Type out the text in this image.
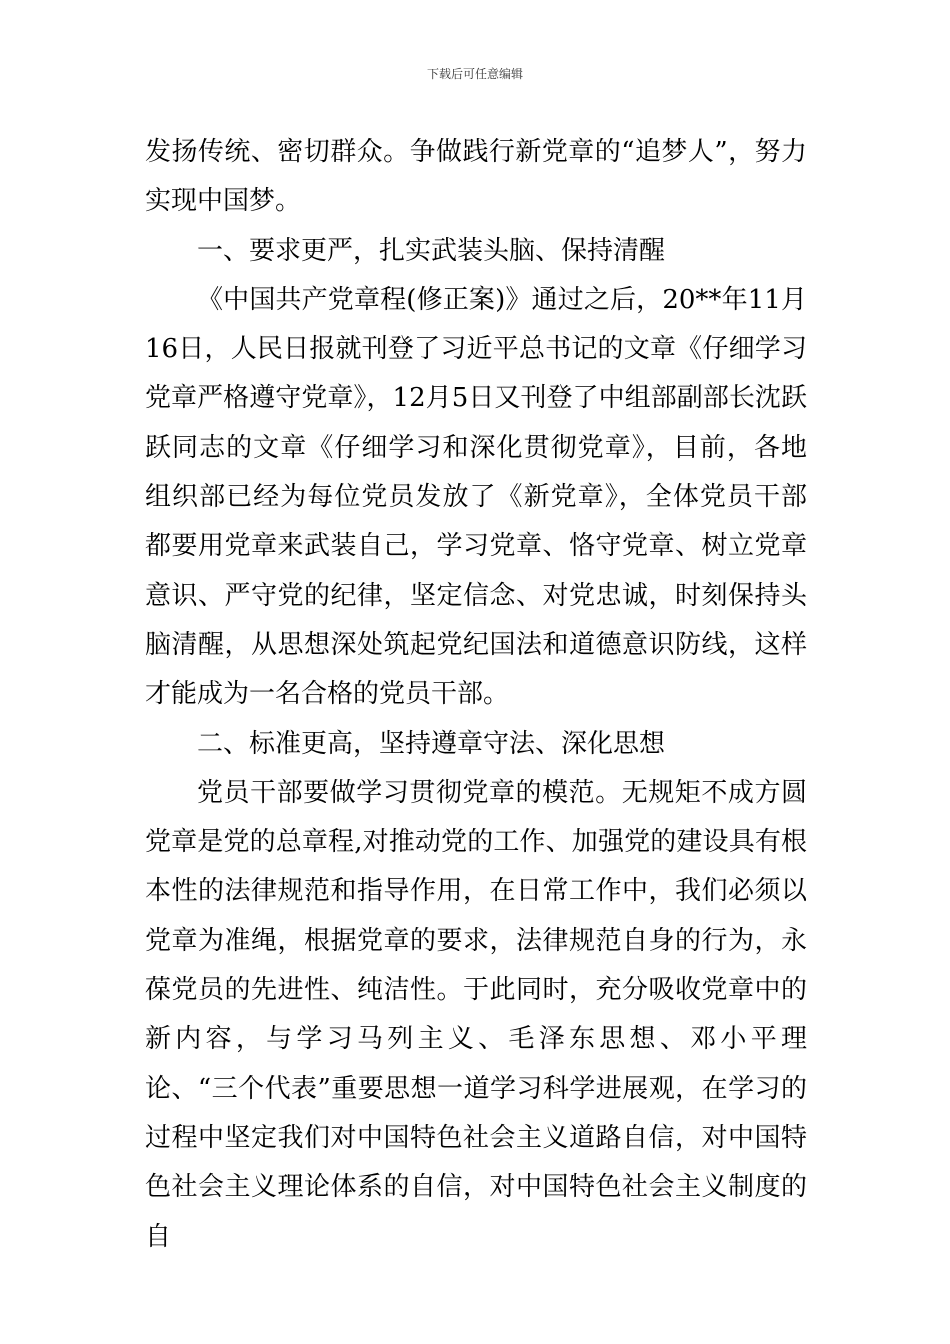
下载后可任意编辑

发扬传统、密切群众。争做践行新党章的“追梦人”，努力实现中国梦。

一、要求更严，扎实武装头脑、保持清醒

《中国共产党章程(修正案)》通过之后，20**年11月16日，人民日报就刊登了习近平总书记的文章《仔细学习党章严格遵守党章》，12月5日又刊登了中组部副部长沈跃跃同志的文章《仔细学习和深化贯彻党章》，目前，各地组织部已经为每位党员发放了《新党章》，全体党员干部都要用党章来武装自己，学习党章、恪守党章、树立党章意识、严守党的纪律，坚定信念、对党忠诚，时刻保持头脑清醒，从思想深处筑起党纪国法和道德意识防线，这样才能成为一名合格的党员干部。

二、标准更高，坚持遵章守法、深化思想

党员干部要做学习贯彻党章的模范。无规矩不成方圆党章是党的总章程,对推动党的工作、加强党的建设具有根本性的法律规范和指导作用，在日常工作中，我们必须以党章为准绳，根据党章的要求，法律规范自身的行为，永葆党员的先进性、纯洁性。于此同时，充分吸收党章中的新内容，与学习马列主义、毛泽东思想、邓小平理论、“三个代表”重要思想一道学习科学进展观，在学习的过程中坚定我们对中国特色社会主义道路自信，对中国特色社会主义理论体系的自信，对中国特色社会主义制度的自
